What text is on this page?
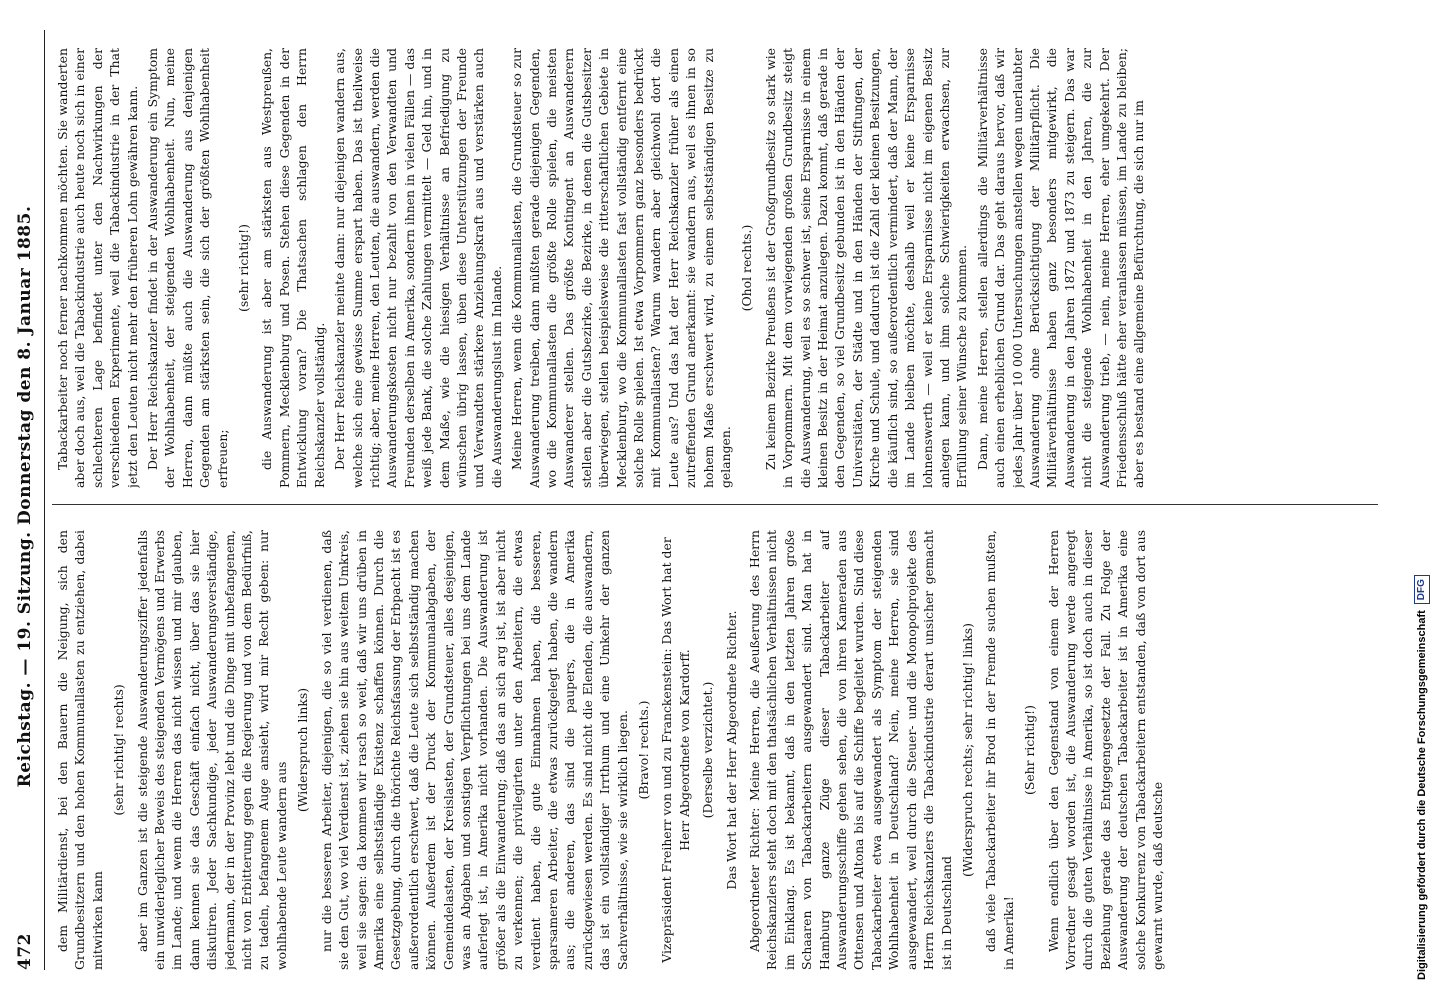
472
Reichstag. — 19. Sitzung. Donnerstag den 8. Januar 1885. dem Militärdienst, bei den Bauern die Neigung, sich den Grundbesitzern und den hohen Kommunallasten zu entziehen, dabei mitwirken kann

(sehr richtig! rechts) aber im Ganzen ist die steigende Auswanderungsziffer jedenfalls ein unwiderleglicher Beweis des steigenden Vermögens und Erwerbs im Lande; und wenn die Herren das nicht wissen und mir glauben, dann kennen sie das Geschäft einfach nicht, über das sie hier diskutiren. Jeder Sachkundige, jeder Auswanderungsverständige, jedermann, der in der Provinz lebt und die Dinge mit unbefangenem, nicht von Erbitterung gegen die Regierung und von dem Bedürfniß, zu tadeln, befangenem Auge ansieht, wird mir Recht geben: nur wohlhabende Leute wandern aus

(Widerspruch links) nur die besseren Arbeiter, diejenigen, die so viel verdienen, daß sie den Gut, wo viel Verdienst ist, ziehen sie hin aus weitem Umkreis, weil sie sagen: da kommen wir rasch so weit, daß wir uns drüben in Amerika eine selbstständige Existenz schaffen können. Durch die Gesetzgebung, durch die thörichte Reichsfassung der Erbpacht ist es außerordentlich erschwert, daß die Leute sich selbstständig machen können. Außerdem ist der Druck der Kommunalabgaben, der Gemeindelasten, der Kreislasten, der Grundsteuer, alles desjenigen, was an Abgaben und sonstigen Verpflichtungen bei uns dem Lande auferlegt ist, in Amerika nicht vorhanden. Die Auswanderung ist größer als die Einwanderung; daß das an sich arg ist, ist aber nicht zu verkennen; die privilegirten unter den Arbeitern, die etwas verdient haben, die gute Einnahmen haben, die besseren, sparsameren Arbeiter, die etwas zurückgelegt haben, die wandern aus; die anderen, das sind die paupers, die in Amerika zurückgewiesen werden. Es sind nicht die Elenden, die auswandern, das ist ein vollständiger Irrthum und eine Umkehr der ganzen Sachverhältnisse, wie sie wirklich liegen. (Bravo! rechts.) Vizepräsident Freiherr von und zu Franckenstein: Das Wort hat der Herr Abgeordnete von Kardorff. (Derselbe verzichtet.) Das Wort hat der Herr Abgeordnete Richter. Abgeordneter Richter: Meine Herren, die Aeußerung des Herrn Reichskanzlers steht doch mit den thatsächlichen Verhältnissen nicht im Einklang. Es ist bekannt, daß in den letzten Jahren große Schaaren von Tabackarbeitern ausgewandert sind. Man hat in Hamburg ganze Züge dieser Tabackarbeiter auf Auswanderungsschiffe gehen sehen, die von ihren Kameraden aus Ottensen und Altona bis auf die Schiffe begleitet wurden. Sind diese Tabackarbeiter etwa ausgewandert als Symptom der steigenden Wohlhabenheit in Deutschland? Nein, meine Herren, sie sind ausgewandert, weil durch die Steuer- und die Monopolprojekte des Herrn Reichskanzlers die Tabackindustrie derart unsicher gemacht ist in Deutschland

(Widerspruch rechts; sehr richtig! links) daß viele Tabackarbeiter ihr Brod in der Fremde suchen mußten, in Amerika!

(Sehr richtig!) Wenn endlich über den Gegenstand von einem der Herren Vorredner gesagt worden ist, die Auswanderung werde angeregt durch die guten Verhältnisse in Amerika, so ist doch auch in dieser Beziehung gerade das Entgegengesetzte der Fall. Zu Folge der Auswanderung der deutschen Tabackarbeiter ist in Amerika eine solche Konkurrenz von Tabackarbeitern entstanden, daß von dort aus gewarnt wurde, daß deutsche

Tabackarbeiter noch ferner nachkommen möchten. Sie wanderten aber doch aus, weil die Tabackindustrie auch heute noch sich in einer schlechteren Lage befindet unter den Nachwirkungen der verschiedenen Experimente, weil die Tabackindustrie in der That jetzt den Leuten nicht mehr den früheren Lohn gewähren kann. Der Herr Reichskanzler findet in der Auswanderung ein Symptom der Wohlhabenheit, der steigenden Wohlhabenheit. Nun, meine Herren, dann müßte auch die Auswanderung aus denjenigen Gegenden am stärksten sein, die sich der größten Wohlhabenheit erfreuen;

(sehr richtig!) die Auswanderung ist aber am stärksten aus Westpreußen, Pommern, Mecklenburg und Posen. Stehen diese Gegenden in der Entwicklung voran? Die Thatsachen schlagen den Herrn Reichskanzler vollständig. Der Herr Reichskanzler meinte dann: nur diejenigen wandern aus, welche sich eine gewisse Summe erspart haben. Das ist theilweise richtig; aber, meine Herren, den Leuten, die auswandern, werden die Auswanderungskosten nicht nur bezahlt von den Verwandten und Freunden derselben in Amerika, sondern ihnen in vielen Fällen — das weiß jede Bank, die solche Zahlungen vermittelt — Geld hin, und in dem Maße, wie die hiesigen Verhältnisse an Befriedigung zu wünschen übrig lassen, üben diese Unterstützungen der Freunde und Verwandten stärkere Anziehungskraft aus und verstärken auch die Auswanderungslust im Inlande. Meine Herren, wenn die Kommunallasten, die Grundsteuer so zur Auswanderung treiben, dann müßten gerade diejenigen Gegenden, wo die Kommunallasten die größte Rolle spielen, die meisten Auswanderer stellen. Das größte Kontingent an Auswanderern stellen aber die Gutsbezirke, die Bezirke, in denen die Gutsbesitzer überwiegen, stellen beispielsweise die ritterschaftlichen Gebiete in Mecklenburg, wo die Kommunallasten fast vollständig entfernt eine solche Rolle spielen. Ist etwa Vorpommern ganz besonders bedrückt mit Kommunallasten? Warum wandern aber gleichwohl dort die Leute aus? Und das hat der Herr Reichskanzler früher als einen zutreffenden Grund anerkannt: sie wandern aus, weil es ihnen in so hohem Maße erschwert wird, zu einem selbstständigen Besitze zu gelangen.

(Ohol rechts.) Zu keinem Bezirke Preußens ist der Großgrundbesitz so stark wie in Vorpommern. Mit dem vorwiegenden großen Grundbesitz steigt die Auswanderung, weil es so schwer ist, seine Ersparnisse in einem kleinen Besitz in der Heimat anzulegen. Dazu kommt, daß gerade in den Gegenden, so viel Grundbesitz gebunden ist in den Händen der Universitäten, der Städte und in den Händen der Stiftungen, der Kirche und Schule, und dadurch ist die Zahl der kleinen Besitzungen, die käuflich sind, so außerordentlich vermindert, daß der Mann, der im Lande bleiben möchte, deshalb weil er keine Ersparnisse lohnenswerth — weil er keine Ersparnisse nicht im eigenen Besitz anlegen kann, und ihm solche Schwierigkeiten erwachsen, zur Erfüllung seiner Wünsche zu kommen. Dann, meine Herren, stellen allerdings die Militärverhältnisse auch einen erheblichen Grund dar. Das geht daraus hervor, daß wir jedes Jahr über 10 000 Untersuchungen anstellen wegen unerlaubter Auswanderung ohne Berücksichtigung der Militärpflicht. Die Militärverhältnisse haben ganz besonders mitgewirkt, die Auswanderung in den Jahren 1872 und 1873 zu steigern. Das war nicht die steigende Wohlhabenheit in den Jahren, die zur Auswanderung trieb, — nein, meine Herren, eher umgekehrt. Der Friedensschluß hätte eher veranlassen müssen, im Lande zu bleiben; aber es bestand eine allgemeine Befürchtung, die sich nur im

Digitalisierung gefördert durch die Deutsche Forschungsgemeinschaft
DFG
